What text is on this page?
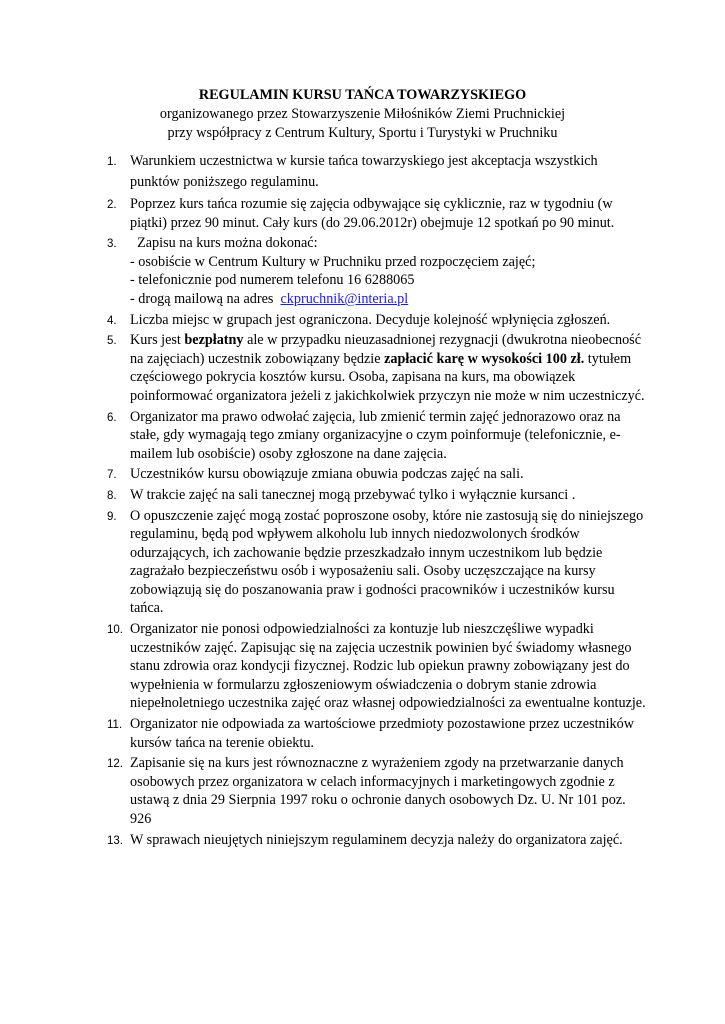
REGULAMIN KURSU TAŃCA TOWARZYSKIEGO
organizowanego przez Stowarzyszenie Miłośników Ziemi Pruchnickiej
przy współpracy z Centrum Kultury, Sportu i Turystyki w Pruchniku
1. Warunkiem uczestnictwa w kursie tańca towarzyskiego jest akceptacja wszystkich punktów poniższego regulaminu.
2. Poprzez kurs tańca rozumie się zajęcia odbywające się cyklicznie, raz w tygodniu (w piątki) przez 90 minut. Cały kurs (do 29.06.2012r) obejmuje 12 spotkań po 90 minut.
3. Zapisu na kurs można dokonać:
- osobiście w Centrum Kultury w Pruchniku przed rozpoczęciem zajęć;
- telefonicznie pod numerem telefonu 16 6288065
- drogą mailową na adres  ckpruchnik@interia.pl
4. Liczba miejsc w grupach jest ograniczona. Decyduje kolejność wpłynięcia zgłoszeń.
5. Kurs jest bezpłatny ale w przypadku nieuzasadnionej rezygnacji (dwukrotna nieobecność na zajęciach) uczestnik zobowiązany będzie zapłacić karę w wysokości 100 zł. tytułem częściowego pokrycia kosztów kursu. Osoba, zapisana na kurs, ma obowiązek poinformować organizatora jeżeli z jakichkolwiek przyczyn nie może w nim uczestniczyć.
6. Organizator ma prawo odwołać zajęcia, lub zmienić termin zajęć jednorazowo oraz na stałe, gdy wymagają tego zmiany organizacyjne o czym poinformuje (telefonicznie, e-mailem lub osobiście) osoby zgłoszone na dane zajęcia.
7. Uczestników kursu obowiązuje zmiana obuwia podczas zajęć na sali.
8. W trakcie zajęć na sali tanecznej mogą przebywać tylko i wyłącznie kursanci .
9. O opuszczenie zajęć mogą zostać poproszone osoby, które nie zastosują się do niniejszego regulaminu, będą pod wpływem alkoholu lub innych niedozwolonych środków odurzających, ich zachowanie będzie przeszkadzało innym uczestnikom lub będzie zagrażało bezpieczeństwu osób i wyposażeniu sali. Osoby uczęszczające na kursy zobowiązują się do poszanowania praw i godności pracowników i uczestników kursu tańca.
10. Organizator nie ponosi odpowiedzialności za kontuzje lub nieszczęśliwe wypadki uczestników zajęć. Zapisując się na zajęcia uczestnik powinien być świadomy własnego stanu zdrowia oraz kondycji fizycznej. Rodzic lub opiekun prawny zobowiązany jest do wypełnienia w formularzu zgłoszeniowym oświadczenia o dobrym stanie zdrowia niepełnoletniego uczestnika zajęć oraz własnej odpowiedzialności za ewentualne kontuzje.
11. Organizator nie odpowiada za wartościowe przedmioty pozostawione przez uczestników kursów tańca na terenie obiektu.
12. Zapisanie się na kurs jest równoznaczne z wyrażeniem zgody na przetwarzanie danych osobowych przez organizatora w celach informacyjnych i marketingowych zgodnie z ustawą z dnia 29 Sierpnia 1997 roku o ochronie danych osobowych Dz. U. Nr 101 poz. 926
13. W sprawach nieujętych niniejszym regulaminem decyzja należy do organizatora zajęć.
